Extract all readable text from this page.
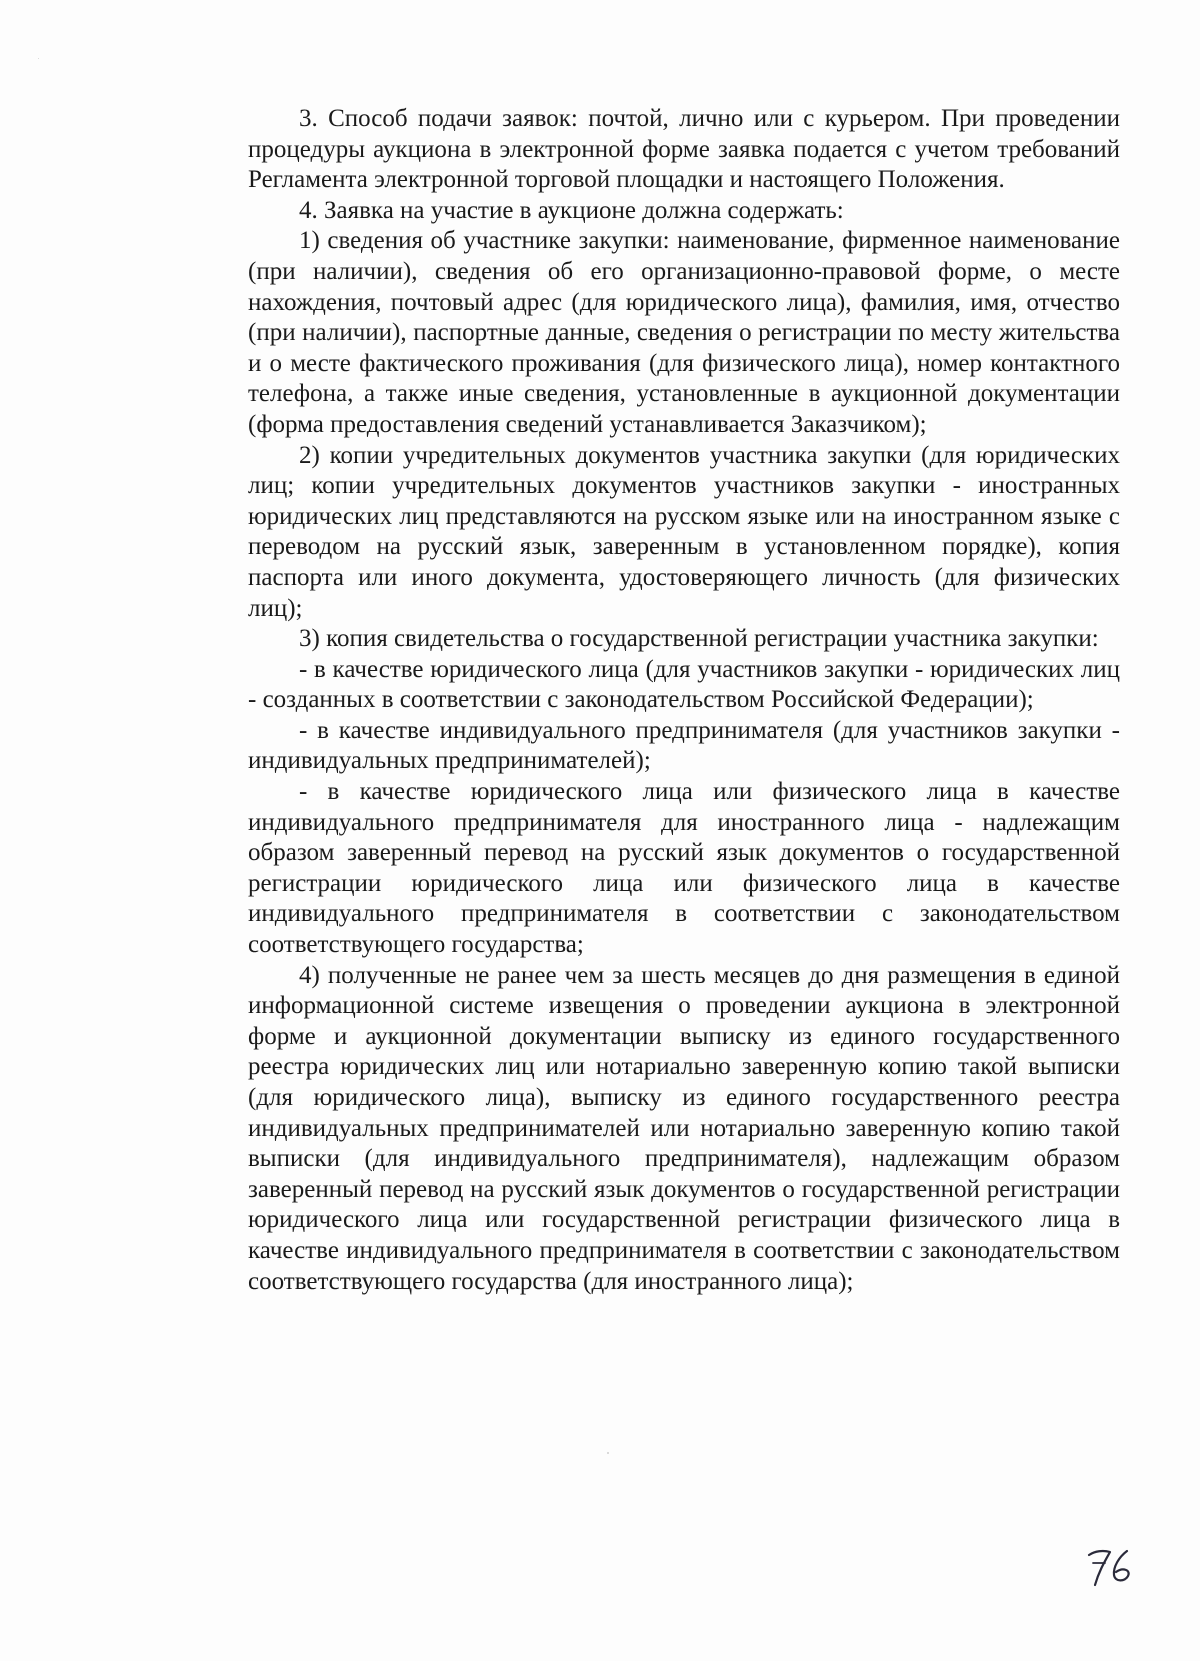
3. Способ подачи заявок: почтой, лично или с курьером. При проведении процедуры аукциона в электронной форме заявка подается с учетом требований Регламента электронной торговой площадки и настоящего Положения.

4. Заявка на участие в аукционе должна содержать:

1) сведения об участнике закупки: наименование, фирменное наименование (при наличии), сведения об его организационно-правовой форме, о месте нахождения, почтовый адрес (для юридического лица), фамилия, имя, отчество (при наличии), паспортные данные, сведения о регистрации по месту жительства и о месте фактического проживания (для физического лица), номер контактного телефона, а также иные сведения, установленные в аукционной документации (форма предоставления сведений устанавливается Заказчиком);

2) копии учредительных документов участника закупки (для юридических лиц; копии учредительных документов участников закупки - иностранных юридических лиц представляются на русском языке или на иностранном языке с переводом на русский язык, заверенным в установленном порядке), копия паспорта или иного документа, удостоверяющего личность (для физических лиц);

3) копия свидетельства о государственной регистрации участника закупки:

- в качестве юридического лица (для участников закупки - юридических лиц - созданных в соответствии с законодательством Российской Федерации);

- в качестве индивидуального предпринимателя (для участников закупки - индивидуальных предпринимателей);

- в качестве юридического лица или физического лица в качестве индивидуального предпринимателя для иностранного лица - надлежащим образом заверенный перевод на русский язык документов о государственной регистрации юридического лица или физического лица в качестве индивидуального предпринимателя в соответствии с законодательством соответствующего государства;

4) полученные не ранее чем за шесть месяцев до дня размещения в единой информационной системе извещения о проведении аукциона в электронной форме и аукционной документации выписку из единого государственного реестра юридических лиц или нотариально заверенную копию такой выписки (для юридического лица), выписку из единого государственного реестра индивидуальных предпринимателей или нотариально заверенную копию такой выписки (для индивидуального предпринимателя), надлежащим образом заверенный перевод на русский язык документов о государственной регистрации юридического лица или государственной регистрации физического лица в качестве индивидуального предпринимателя в соответствии с законодательством соответствующего государства (для иностранного лица);
